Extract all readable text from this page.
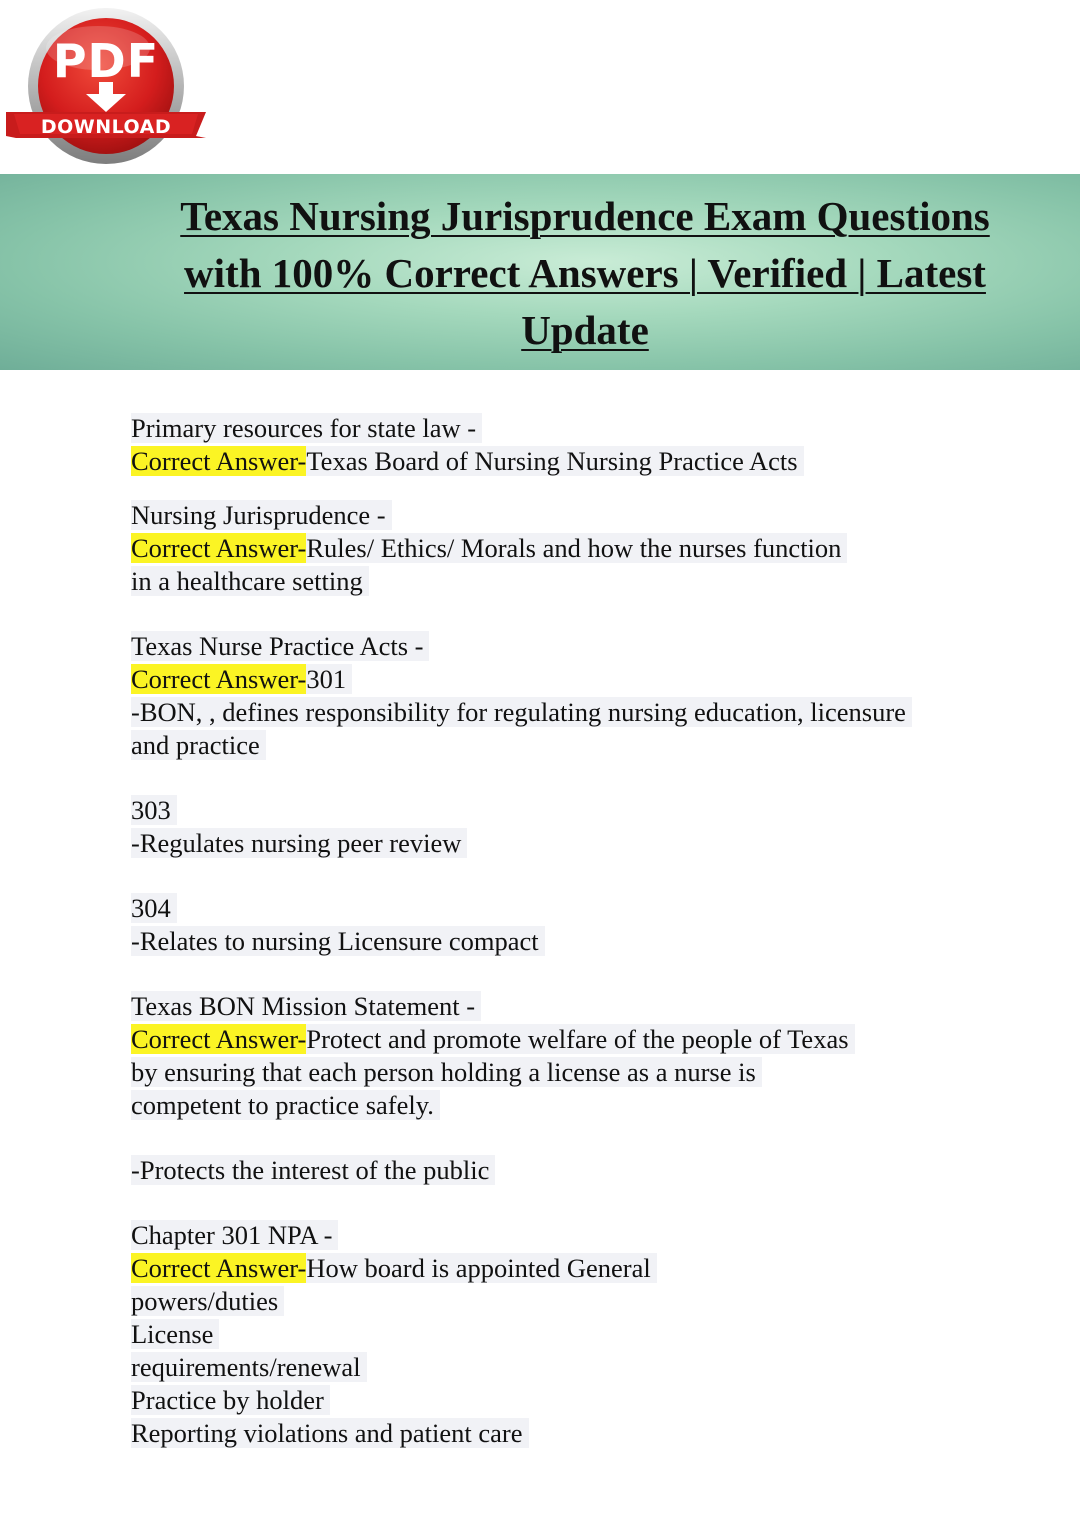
PDF
DOWNLOAD
Texas Nursing Jurisprudence Exam Questions with 100% Correct Answers | Verified | Latest Update
Primary resources for state law -
Correct Answer-Texas Board of Nursing Nursing Practice Acts
Nursing Jurisprudence -
Correct Answer-Rules/ Ethics/ Morals and how the nurses function
in a healthcare setting
Texas Nurse Practice Acts -
Correct Answer-301
-BON, , defines responsibility for regulating nursing education, licensure
and practice
303
-Regulates nursing peer review
304
-Relates to nursing Licensure compact
Texas BON Mission Statement -
Correct Answer-Protect and promote welfare of the people of Texas
by ensuring that each person holding a license as a nurse is
competent to practice safely.
-Protects the interest of the public
Chapter 301 NPA -
Correct Answer-How board is appointed General
powers/duties
License
requirements/renewal
Practice by holder
Reporting violations and patient care
